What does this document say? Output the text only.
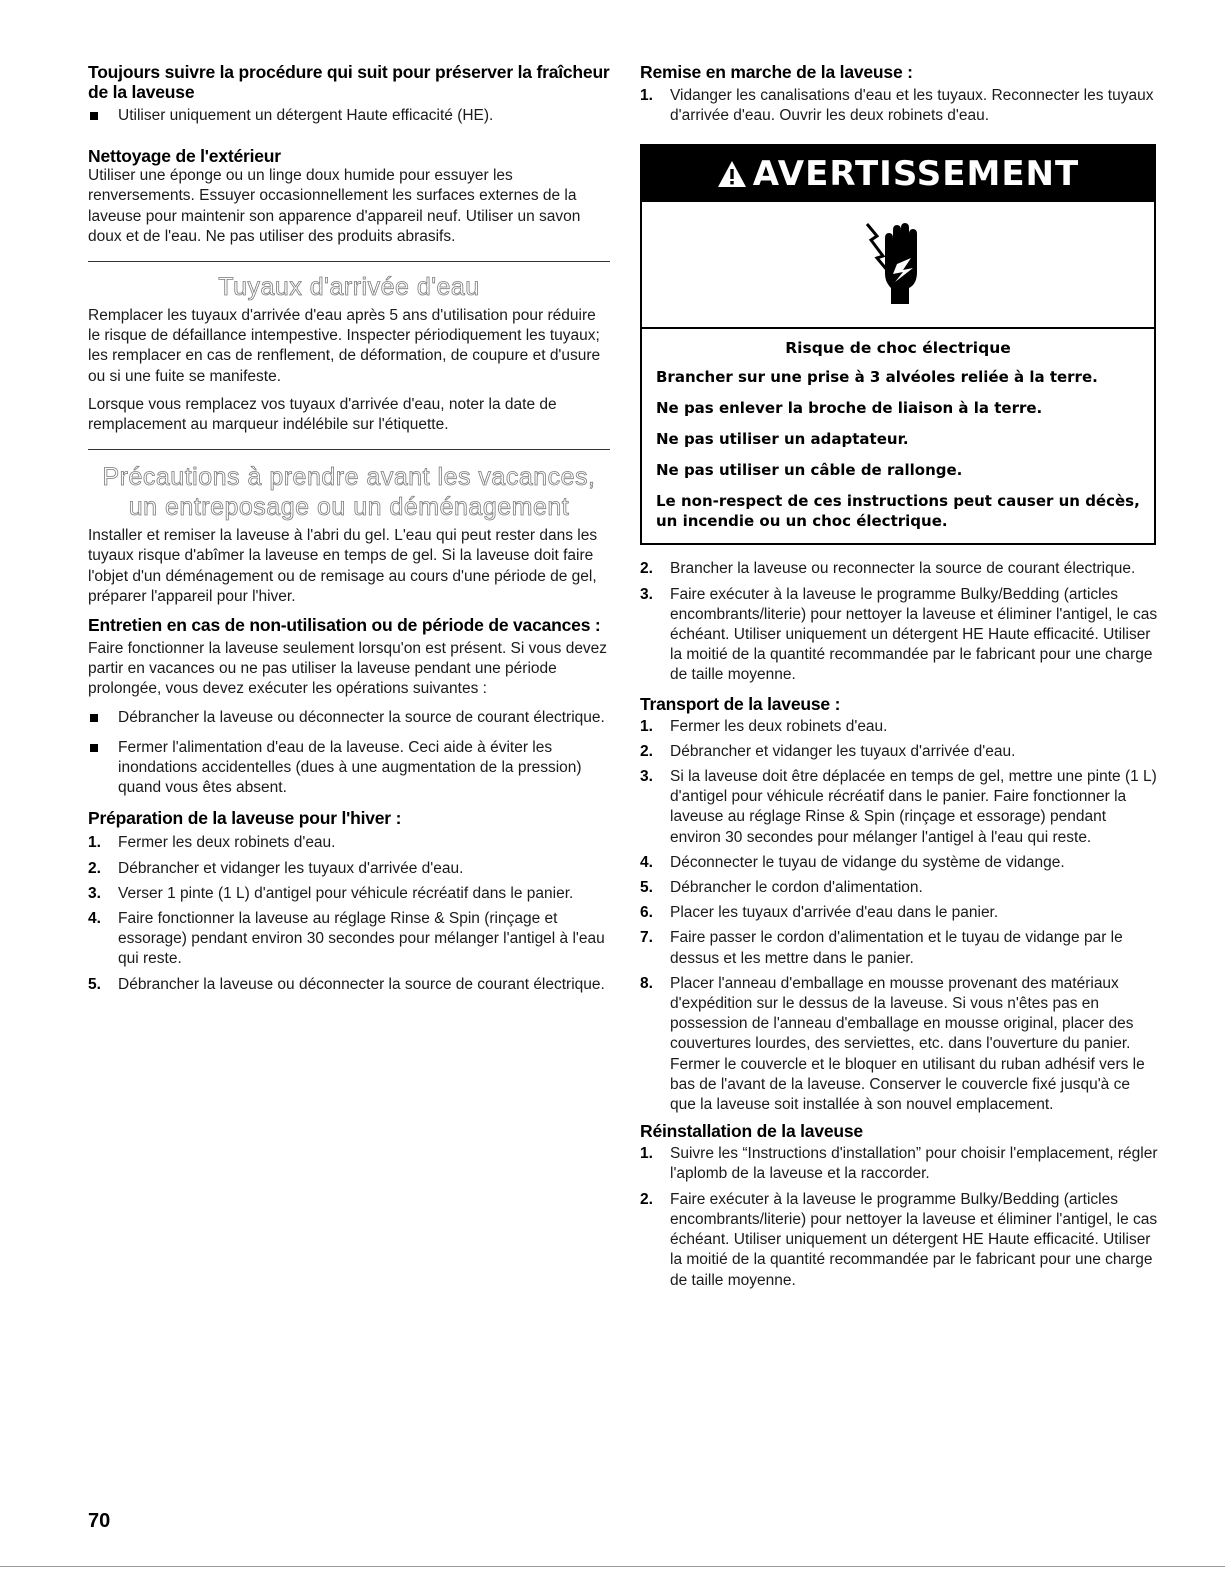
Toujours suivre la procédure qui suit pour préserver la fraîcheur de la laveuse
Utiliser uniquement un détergent Haute efficacité (HE).
Nettoyage de l'extérieur

Utiliser une éponge ou un linge doux humide pour essuyer les renversements. Essuyer occasionnellement les surfaces externes de la laveuse pour maintenir son apparence d'appareil neuf. Utiliser un savon doux et de l'eau. Ne pas utiliser des produits abrasifs.

Tuyaux d'arrivée d'eau

Remplacer les tuyaux d'arrivée d'eau après 5 ans d'utilisation pour réduire le risque de défaillance intempestive. Inspecter périodiquement les tuyaux; les remplacer en cas de renflement, de déformation, de coupure et d'usure ou si une fuite se manifeste.

Lorsque vous remplacez vos tuyaux d'arrivée d'eau, noter la date de remplacement au marqueur indélébile sur l'étiquette.

Précautions à prendre avant les vacances,
un entreposage ou un déménagement

Installer et remiser la laveuse à l'abri du gel. L'eau qui peut rester dans les tuyaux risque d'abîmer la laveuse en temps de gel. Si la laveuse doit faire l'objet d'un déménagement ou de remisage au cours d'une période de gel, préparer l'appareil pour l'hiver.

Entretien en cas de non-utilisation ou de période de vacances :

Faire fonctionner la laveuse seulement lorsqu'on est présent. Si vous devez partir en vacances ou ne pas utiliser la laveuse pendant une période prolongée, vous devez exécuter les opérations suivantes :

Débrancher la laveuse ou déconnecter la source de courant électrique.
Fermer l'alimentation d'eau de la laveuse. Ceci aide à éviter les inondations accidentelles (dues à une augmentation de la pression) quand vous êtes absent.
Préparation de la laveuse pour l'hiver :
1. Fermer les deux robinets d'eau.
2. Débrancher et vidanger les tuyaux d'arrivée d'eau.
3. Verser 1 pinte (1 L) d'antigel pour véhicule récréatif dans le panier.
4. Faire fonctionner la laveuse au réglage Rinse & Spin (rinçage et essorage) pendant environ 30 secondes pour mélanger l'antigel à l'eau qui reste.
5. Débrancher la laveuse ou déconnecter la source de courant électrique.
Remise en marche de la laveuse :
1. Vidanger les canalisations d'eau et les tuyaux. Reconnecter les tuyaux d'arrivée d'eau. Ouvrir les deux robinets d'eau.
AVERTISSEMENT
Risque de choc électrique
Brancher sur une prise à 3 alvéoles reliée à la terre.
Ne pas enlever la broche de liaison à la terre.
Ne pas utiliser un adaptateur.
Ne pas utiliser un câble de rallonge.
Le non-respect de ces instructions peut causer un décès, un incendie ou un choc électrique.
2. Brancher la laveuse ou reconnecter la source de courant électrique.
3. Faire exécuter à la laveuse le programme Bulky/Bedding (articles encombrants/literie) pour nettoyer la laveuse et éliminer l'antigel, le cas échéant. Utiliser uniquement un détergent HE Haute efficacité. Utiliser la moitié de la quantité recommandée par le fabricant pour une charge de taille moyenne.
Transport de la laveuse :
1. Fermer les deux robinets d'eau.
2. Débrancher et vidanger les tuyaux d'arrivée d'eau.
3. Si la laveuse doit être déplacée en temps de gel, mettre une pinte (1 L) d'antigel pour véhicule récréatif dans le panier. Faire fonctionner la laveuse au réglage Rinse & Spin (rinçage et essorage) pendant environ 30 secondes pour mélanger l'antigel à l'eau qui reste.
4. Déconnecter le tuyau de vidange du système de vidange.
5. Débrancher le cordon d'alimentation.
6. Placer les tuyaux d'arrivée d'eau dans le panier.
7. Faire passer le cordon d'alimentation et le tuyau de vidange par le dessus et les mettre dans le panier.
8. Placer l'anneau d'emballage en mousse provenant des matériaux d'expédition sur le dessus de la laveuse. Si vous n'êtes pas en possession de l'anneau d'emballage en mousse original, placer des couvertures lourdes, des serviettes, etc. dans l'ouverture du panier. Fermer le couvercle et le bloquer en utilisant du ruban adhésif vers le bas de l'avant de la laveuse. Conserver le couvercle fixé jusqu'à ce que la laveuse soit installée à son nouvel emplacement.
Réinstallation de la laveuse
1. Suivre les “Instructions d'installation” pour choisir l'emplacement, régler l'aplomb de la laveuse et la raccorder.
2. Faire exécuter à la laveuse le programme Bulky/Bedding (articles encombrants/literie) pour nettoyer la laveuse et éliminer l'antigel, le cas échéant. Utiliser uniquement un détergent HE Haute efficacité. Utiliser la moitié de la quantité recommandée par le fabricant pour une charge de taille moyenne.
70
